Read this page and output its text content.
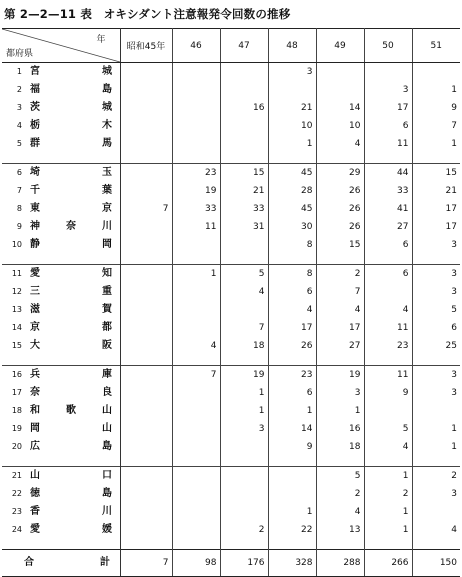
第 2—2—11 表　オキシダント注意報発令回数の推移
年
都府県	昭和45年	46	47	48	49	50	51
1 宮城				3			
2 福島						3	1
3 茨城			16	21	14	17	9
4 栃木				10	10	6	7
5 群馬				1	4	11	1

6 埼玉		23	15	45	29	44	15
7 千葉		19	21	28	26	33	21
8 東京	7	33	33	45	26	41	17
9 神奈川		11	31	30	26	27	17
10 静岡				8	15	6	3

11 愛知		1	5	8	2	6	3
12 三重			4	6	7		3
13 滋賀				4	4	4	5
14 京都			7	17	17	11	6
15 大阪		4	18	26	27	23	25

16 兵庫		7	19	23	19	11	3
17 奈良			1	6	3	9	3
18 和歌山			1	1	1		
19 岡山			3	14	16	5	1
20 広島				9	18	4	1

21 山口					5	1	2
22 徳島					2	2	3
23 香川				1	4	1	
24 愛媛			2	22	13	1	4

合計	7	98	176	328	288	266	150
